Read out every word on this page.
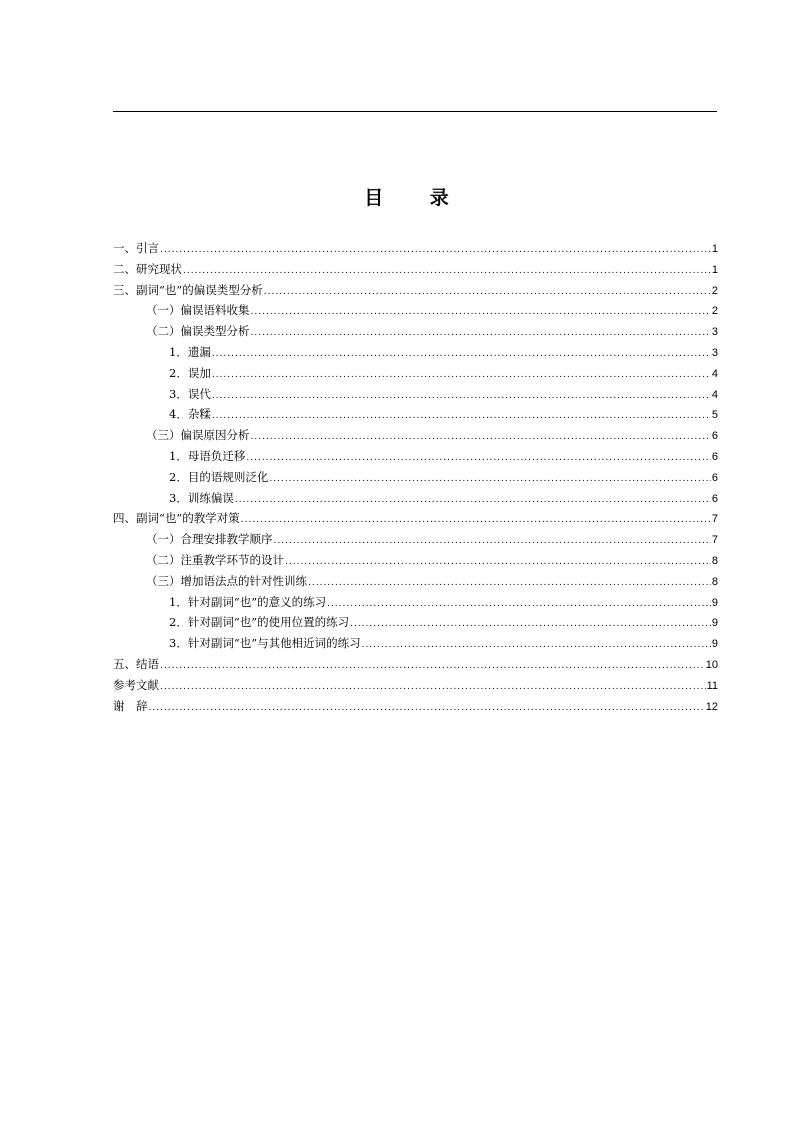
目 录
一、引言 .....	1
二、研究现状 .....	1
三、副词“也”的偏误类型分析 .....	2
（一）偏误语料收集 .....	2
（二）偏误类型分析 .....	3
1．遗漏 .....	3
2．误加 .....	4
3．误代 .....	4
4．杂糅 .....	5
（三）偏误原因分析 .....	6
1．母语负迁移 .....	6
2．目的语规则泛化 .....	6
3．训练偏误 .....	6
四、副词“也”的教学对策 .....	7
（一）合理安排教学顺序 .....	7
（二）注重教学环节的设计 .....	8
（三）增加语法点的针对性训练 .....	8
1．针对副词“也”的意义的练习 .....	9
2．针对副词“也”的使用位置的练习 .....	9
3．针对副词“也”与其他相近词的练习 .....	9
五、结语 .....	10
参考文献 .....	11
谢　辞 .....	12
